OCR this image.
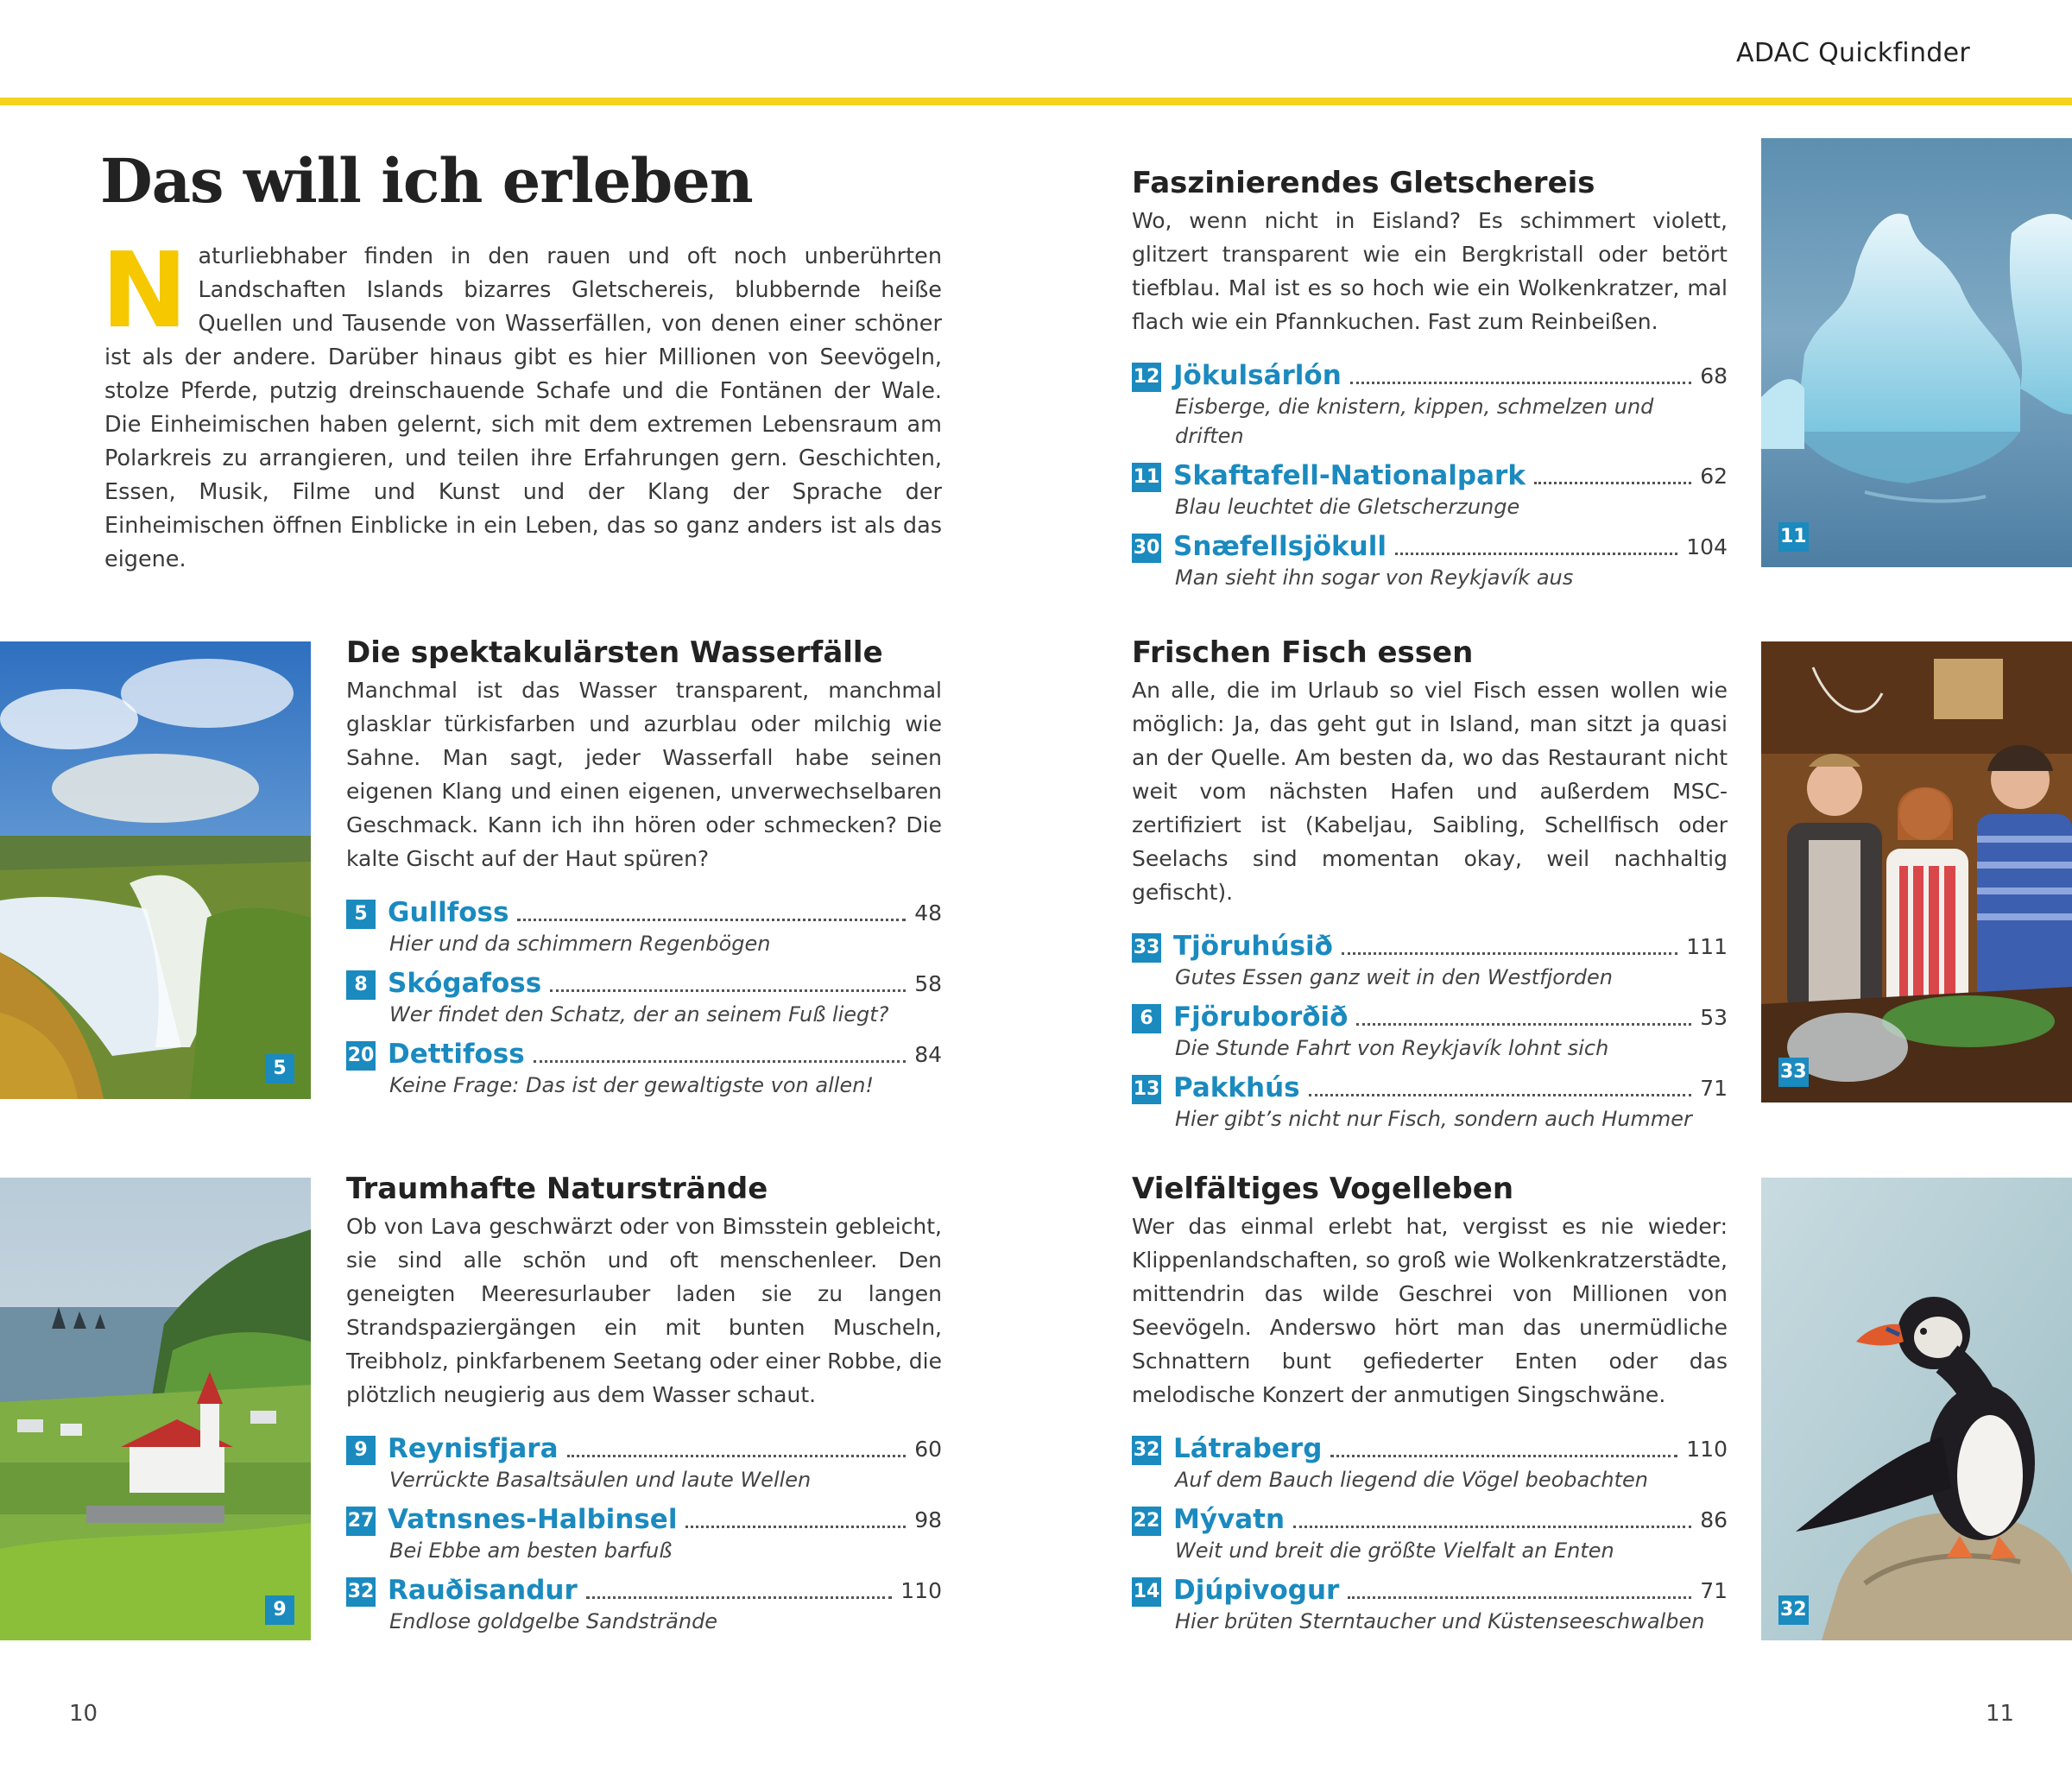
ADAC Quickfinder
Das will ich erleben
N aturliebhaber finden in den rauen und oft noch unberührten Landschaften Islands bizarres Gletschereis, blubbernde heiße Quellen und Tausende von Wasserfällen, von denen einer schöner ist als der andere. Darüber hinaus gibt es hier Millionen von Seevögeln, stolze Pferde, putzig dreinschauende Schafe und die Fontänen der Wale. Die Einheimischen haben gelernt, sich mit dem extremen Lebensraum am Polarkreis zu arrangieren, und teilen ihre Erfahrungen gern. Geschichten, Essen, Musik, Filme und Kunst und der Klang der Sprache der Einheimischen öffnen Einblicke in ein Leben, das so ganz anders ist als das eigene.
Faszinierendes Gletschereis

Wo, wenn nicht in Eisland? Es schimmert violett, glitzert transparent wie ein Bergkristall oder betört tiefblau. Mal ist es so hoch wie ein Wolkenkratzer, mal flach wie ein Pfannkuchen. Fast zum Reinbeißen.

12 Jökulsárlón	68
Eisberge, die knistern, kippen, schmelzen und driften
11 Skaftafell-Nationalpark	62
Blau leuchtet die Gletscherzunge
30 Snæfellsjökull	104
Man sieht ihn sogar von Reykjavík aus
Die spektakulärsten Wasserfälle

Manchmal ist das Wasser transparent, manchmal glasklar türkisfarben und azurblau oder milchig wie Sahne. Man sagt, jeder Wasserfall habe seinen eigenen Klang und einen eigenen, unverwechselbaren Geschmack. Kann ich ihn hören oder schmecken? Die kalte Gischt auf der Haut spüren?

5 Gullfoss	48
Hier und da schimmern Regenbögen
8 Skógafoss	58
Wer findet den Schatz, der an seinem Fuß liegt?
20 Dettifoss	84
Keine Frage: Das ist der gewaltigste von allen!
Frischen Fisch essen

An alle, die im Urlaub so viel Fisch essen wollen wie möglich: Ja, das geht gut in Island, man sitzt ja quasi an der Quelle. Am besten da, wo das Restaurant nicht weit vom nächsten Hafen und außerdem MSC-zertifiziert ist (Kabeljau, Saibling, Schellfisch oder Seelachs sind momentan okay, weil nachhaltig gefischt).

33 Tjöruhúsið	111
Gutes Essen ganz weit in den Westfjorden
6 Fjöruborðið	53
Die Stunde Fahrt von Reykjavík lohnt sich
13 Pakkhús	71
Hier gibt’s nicht nur Fisch, sondern auch Hummer
Traumhafte Naturstrände

Ob von Lava geschwärzt oder von Bimsstein gebleicht, sie sind alle schön und oft menschenleer. Den geneigten Meeresurlauber laden sie zu langen Strandspaziergängen ein mit bunten Muscheln, Treibholz, pinkfarbenem Seetang oder einer Robbe, die plötzlich neugierig aus dem Wasser schaut.

9 Reynisfjara	60
Verrückte Basaltsäulen und laute Wellen
27 Vatnsnes-Halbinsel	98
Bei Ebbe am besten barfuß
32 Rauðisandur	110
Endlose goldgelbe Sandstrände
Vielfältiges Vogelleben

Wer das einmal erlebt hat, vergisst es nie wieder: Klippenlandschaften, so groß wie Wolkenkratzerstädte, mittendrin das wilde Geschrei von Millionen von Seevögeln. Anderswo hört man das unermüdliche Schnattern bunt gefiederter Enten oder das melodische Konzert der anmutigen Singschwäne.

32 Látraberg	110
Auf dem Bauch liegend die Vögel beobachten
22 Mývatn	86
Weit und breit die größte Vielfalt an Enten
14 Djúpivogur	71
Hier brüten Sterntaucher und Küstenseeschwalben
11
5	33
9	32
10	11
